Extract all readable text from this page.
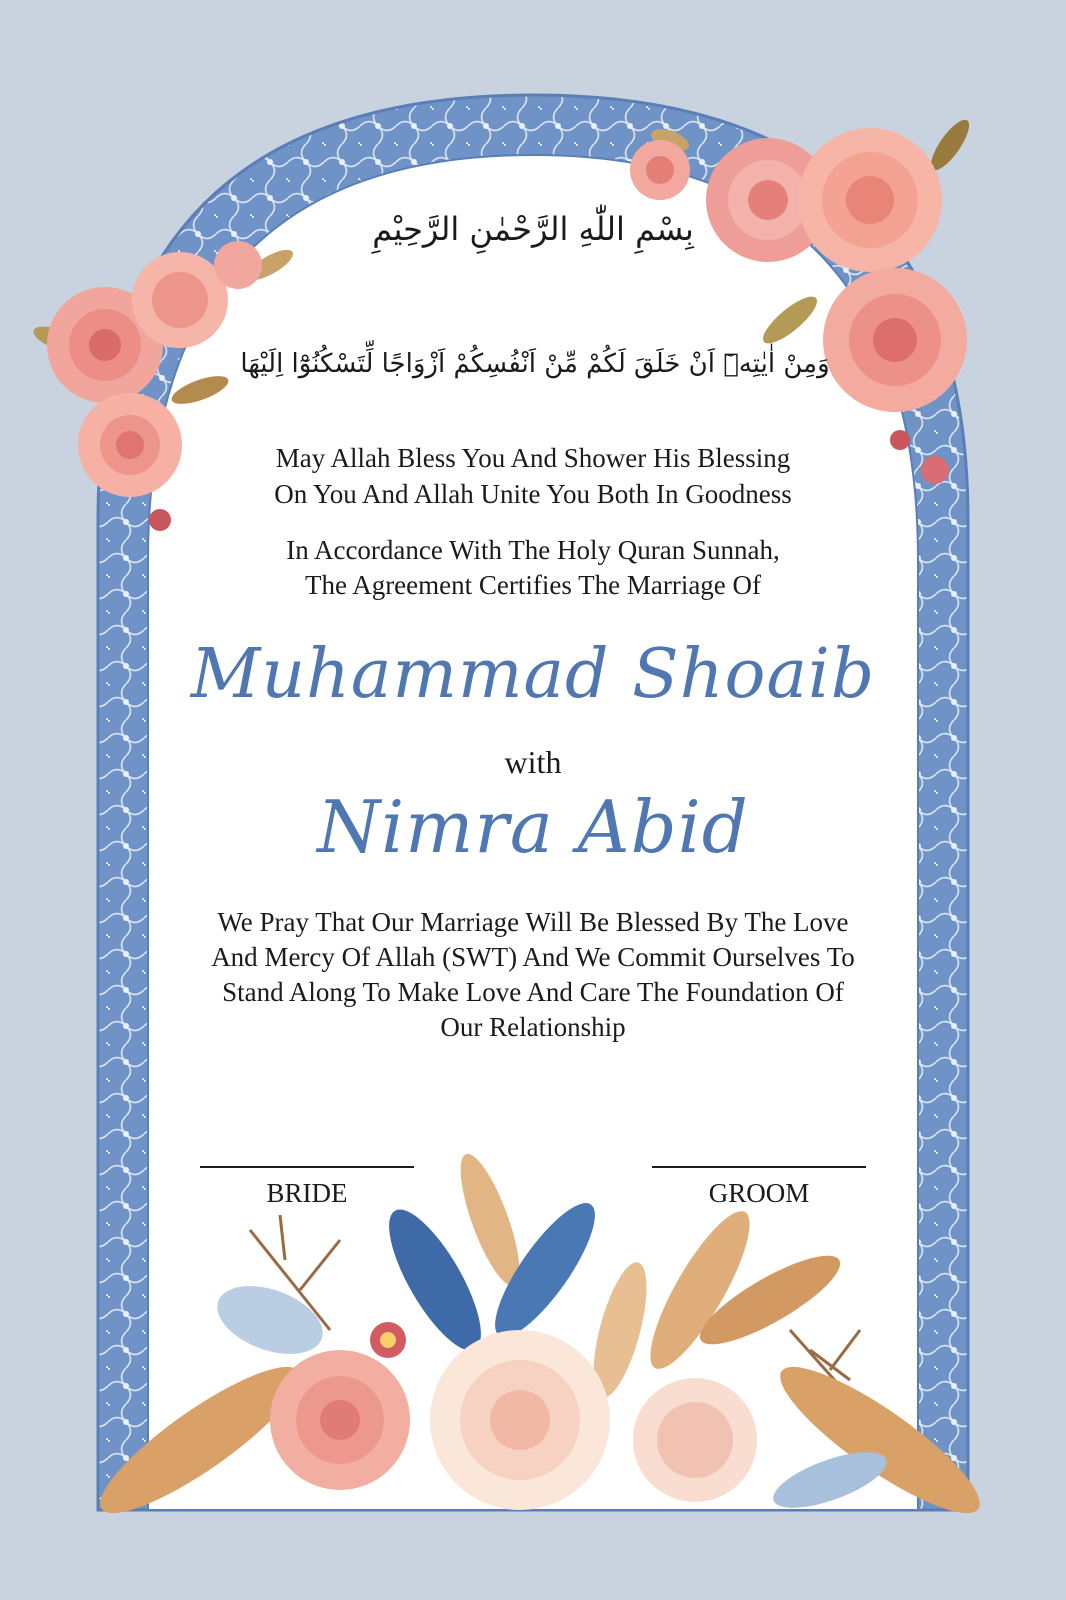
بِسْمِ اللّٰهِ الرَّحْمٰنِ الرَّحِيْمِ
وَمِنْ اٰيٰتِهٖٓ اَنْ خَلَقَ لَكُمْ مِّنْ اَنْفُسِكُمْ اَزْوَاجًا لِّتَسْكُنُوْٓا اِلَيْهَا

May Allah Bless You And Shower His Blessing

On You And Allah Unite You Both In Goodness

In Accordance With The Holy Quran Sunnah,

The Agreement Certifies The Marriage Of

Muhammad Shoaib

with

Nimra Abid

We Pray That Our Marriage Will Be Blessed By The Love

And Mercy Of Allah (SWT) And We Commit Ourselves To

Stand Along To Make Love And Care The Foundation Of

Our Relationship

BRIDE	GROOM
